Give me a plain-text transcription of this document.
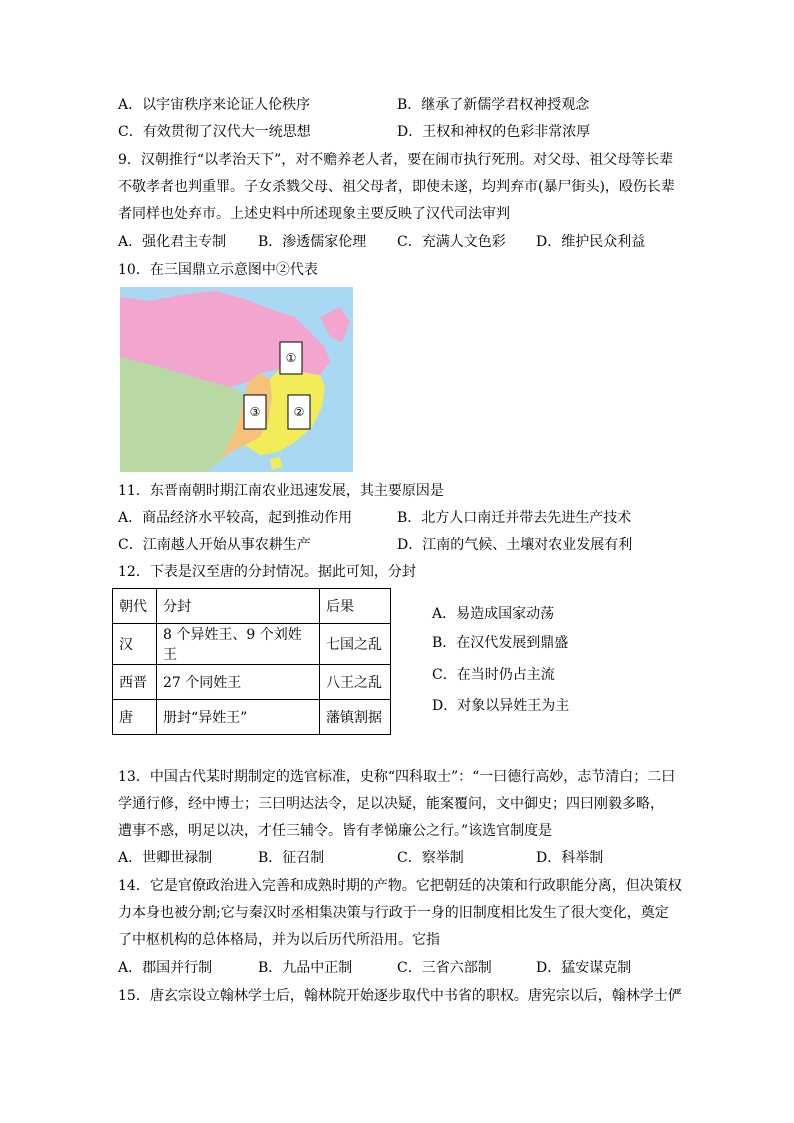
A．以宇宙秩序来论证人伦秩序	B．继承了新儒学君权神授观念
C．有效贯彻了汉代大一统思想	D．王权和神权的色彩非常浓厚
9．汉朝推行“以孝治天下”，对不赡养老人者，要在闹市执行死刑。对父母、祖父母等长辈
不敬孝者也判重罪。子女杀戮父母、祖父母者，即使未遂，均判弃市(暴尸街头)，殴伤长辈
者同样也处弃市。上述史料中所述现象主要反映了汉代司法审判
A．强化君主专制 B．渗透儒家伦理 C．充满人文色彩 D．维护民众利益
10．在三国鼎立示意图中②代表
①
②
③
11．东晋南朝时期江南农业迅速发展，其主要原因是
A．商品经济水平较高，起到推动作用	B．北方人口南迁并带去先进生产技术
C．江南越人开始从事农耕生产	D．江南的气候、土壤对农业发展有利
12．下表是汉至唐的分封情况。据此可知，分封
朝代	分封	后果
汉	8 个异姓王、9 个刘姓王	七国之乱
西晋	27 个同姓王	八王之乱
唐	册封“异姓王”	藩镇割据
A．易造成国家动荡
B．在汉代发展到鼎盛
C．在当时仍占主流
D．对象以异姓王为主
13．中国古代某时期制定的选官标准，史称“四科取士”：“一曰德行高妙，志节清白；二曰
学通行修，经中博士；三曰明达法令，足以决疑，能案覆问，文中御史；四曰刚毅多略，
遭事不惑，明足以决，才任三辅令。皆有孝悌廉公之行。”该选官制度是
A．世卿世禄制	B．征召制	C．察举制	D．科举制
14．它是官僚政治进入完善和成熟时期的产物。它把朝廷的决策和行政职能分离，但决策权
力本身也被分割;它与秦汉时丞相集决策与行政于一身的旧制度相比发生了很大变化，奠定
了中枢机构的总体格局，并为以后历代所沿用。它指
A．郡国并行制	B．九品中正制	C．三省六部制	D．猛安谋克制
15．唐玄宗设立翰林学士后，翰林院开始逐步取代中书省的职权。唐宪宗以后，翰林学士俨
